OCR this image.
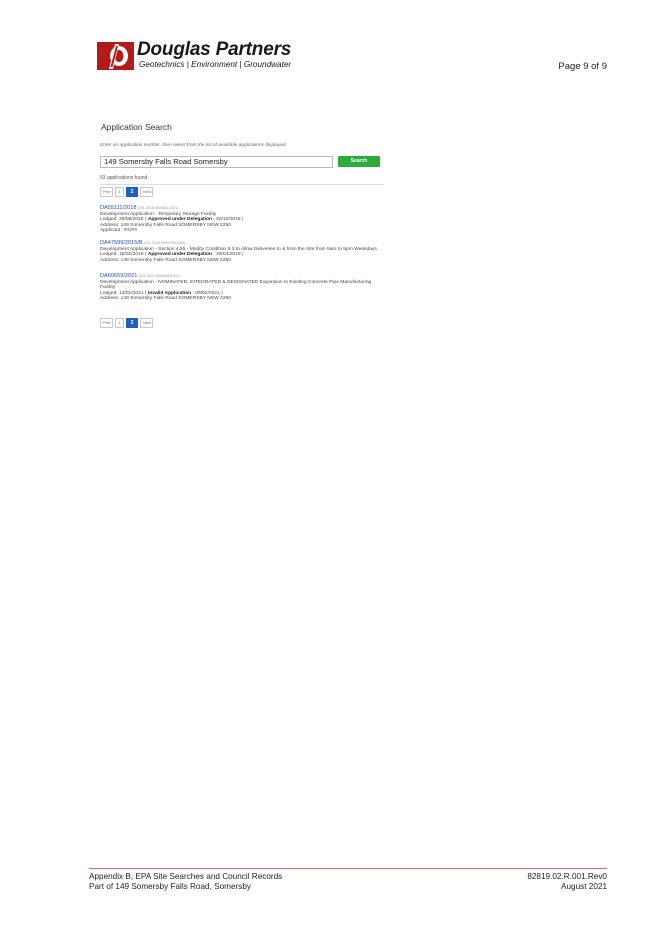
Douglas Partners
Geotechnics | Environment | Groundwater	Page 9 of 9
Application Search
Enter an application number, then select from the list of available applications displayed.
149 Somersby Falls Road Somersby	Search
53 applications found
Prev	1	2	Next
DA55111/2018 (011.2018.00055111.001)
Development Application - Temporary Storage Facility
Lodged: 30/08/2018 ( Approved under Delegation : 30/10/2018 )
Address: 149 Somersby Falls Road SOMERSBY NSW 2250
Applicant : RCPA
DA47599/2015/B (011.2015.00047599.003)
Development Application - Section 4.55 - Modify Condition 5.3 to Allow Deliveries to & from the Site from 5am to 5pm Weekdays
Lodged: 15/01/2019 ( Approved under Delegation : 26/04/2019 )
Address: 149 Somersby Falls Road SOMERSBY NSW 2250
DA60659/2021 (011.2021.00060659.001)
Development Application - NOMINATED, INTEGRATED & DESIGNATED Expansion to Existing Concrete Pipe Manufacturing
Facility
Lodged: 13/01/2021 ( Invalid Application : 09/02/2021 )
Address: 149 Somersby Falls Road SOMERSBY NSW 2250
Prev	1	2	Next
Appendix B, EPA Site Searches and Council Records
Part of 149 Somersby Falls Road, Somersby
82819.02.R.001.Rev0
August 2021
